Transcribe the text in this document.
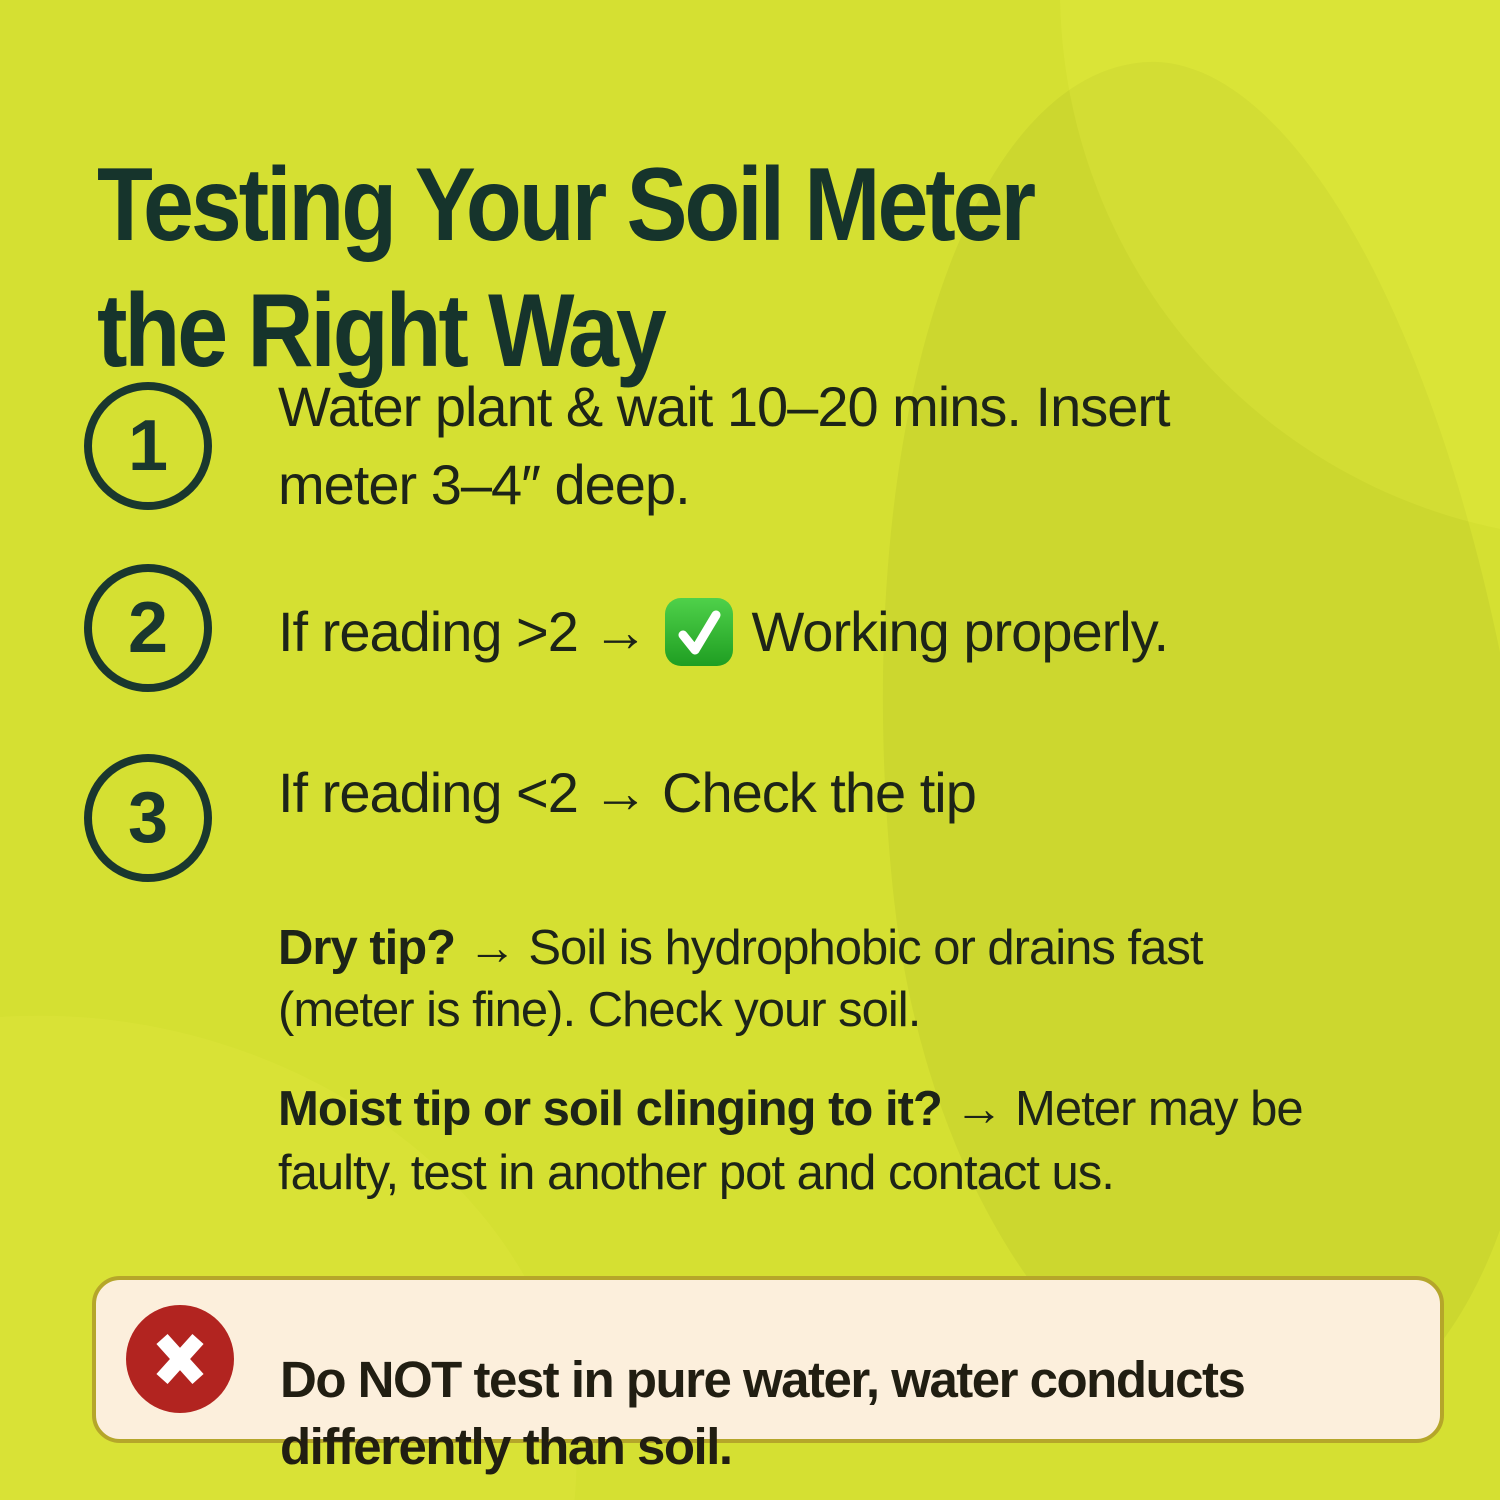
Testing Your Soil Meter
the Right Way
1 Water plant & wait 10–20 mins. Insert
meter 3–4″ deep.
2 If reading >2 → Working properly.
3 If reading <2 → Check the tip

Dry tip? → Soil is hydrophobic or drains fast
(meter is fine). Check your soil.

Moist tip or soil clinging to it? → Meter may be
faulty, test in another pot and contact us.

Do NOT test in pure water, water conducts
differently than soil.
